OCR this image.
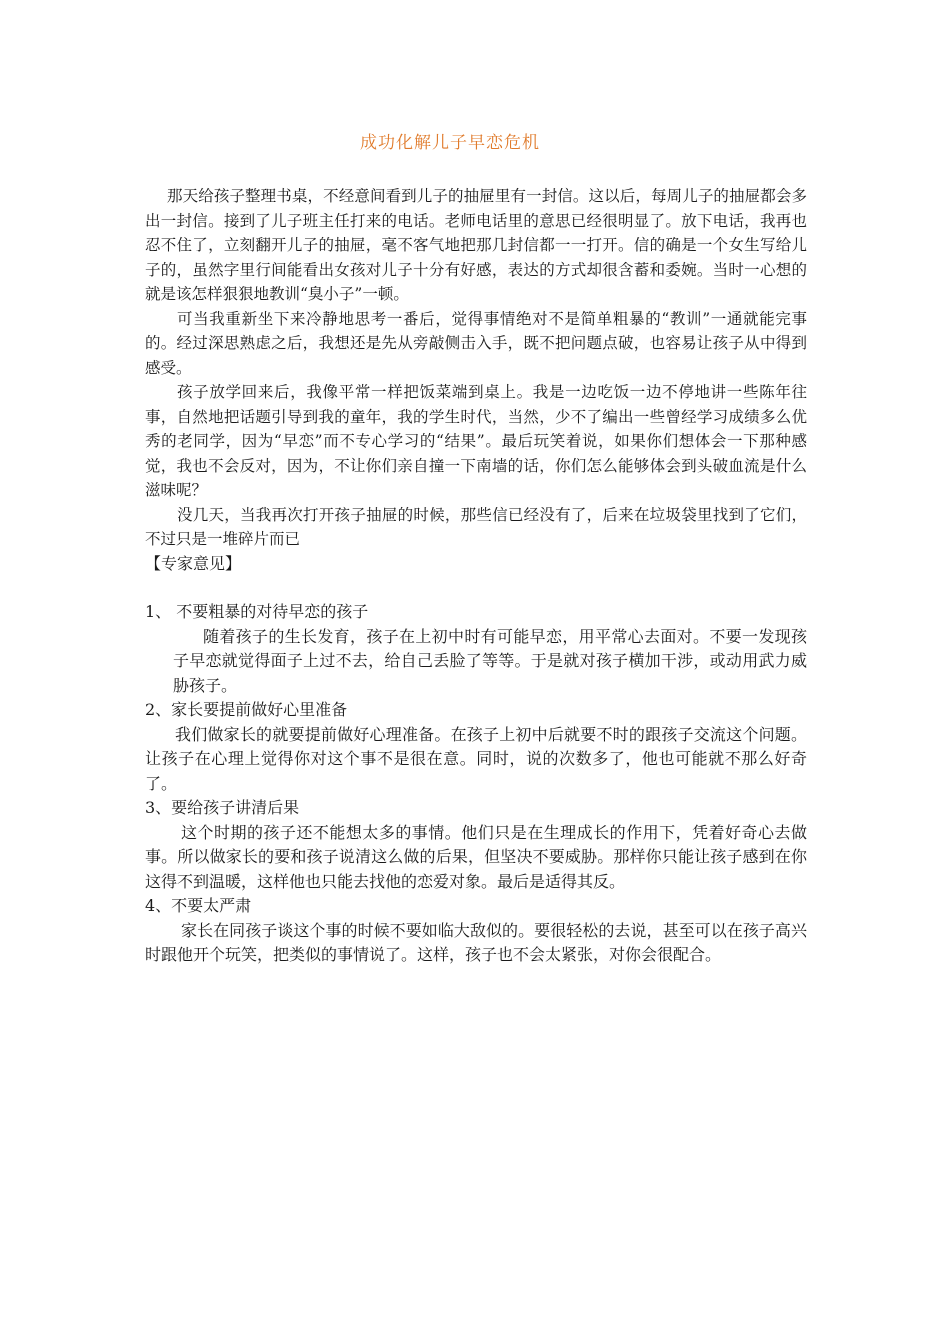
成功化解儿子早恋危机

那天给孩子整理书桌，不经意间看到儿子的抽屉里有一封信。这以后，每周儿子的抽屉都会多出一封信。接到了儿子班主任打来的电话。老师电话里的意思已经很明显了。放下电话，我再也忍不住了，立刻翻开儿子的抽屉，毫不客气地把那几封信都一一打开。信的确是一个女生写给儿子的，虽然字里行间能看出女孩对儿子十分有好感，表达的方式却很含蓄和委婉。当时一心想的就是该怎样狠狠地教训“臭小子”一顿。

可当我重新坐下来冷静地思考一番后，觉得事情绝对不是简单粗暴的“教训”一通就能完事的。经过深思熟虑之后，我想还是先从旁敲侧击入手，既不把问题点破，也容易让孩子从中得到感受。

孩子放学回来后，我像平常一样把饭菜端到桌上。我是一边吃饭一边不停地讲一些陈年往事，自然地把话题引导到我的童年，我的学生时代，当然，少不了编出一些曾经学习成绩多么优秀的老同学，因为“早恋”而不专心学习的“结果”。最后玩笑着说，如果你们想体会一下那种感觉，我也不会反对，因为，不让你们亲自撞一下南墙的话，你们怎么能够体会到头破血流是什么滋味呢？

没几天，当我再次打开孩子抽屉的时候，那些信已经没有了，后来在垃圾袋里找到了它们，不过只是一堆碎片而已

【专家意见】

1、 不要粗暴的对待早恋的孩子

随着孩子的生长发育，孩子在上初中时有可能早恋，用平常心去面对。不要一发现孩子早恋就觉得面子上过不去，给自己丢脸了等等。于是就对孩子横加干涉，或动用武力威胁孩子。

2、家长要提前做好心里准备

我们做家长的就要提前做好心理准备。在孩子上初中后就要不时的跟孩子交流这个问题。让孩子在心理上觉得你对这个事不是很在意。同时，说的次数多了，他也可能就不那么好奇了。

3、要给孩子讲清后果

这个时期的孩子还不能想太多的事情。他们只是在生理成长的作用下，凭着好奇心去做事。所以做家长的要和孩子说清这么做的后果，但坚决不要威胁。那样你只能让孩子感到在你这得不到温暖，这样他也只能去找他的恋爱对象。最后是适得其反。

4、不要太严肃

家长在同孩子谈这个事的时候不要如临大敌似的。要很轻松的去说，甚至可以在孩子高兴时跟他开个玩笑，把类似的事情说了。这样，孩子也不会太紧张，对你会很配合。
